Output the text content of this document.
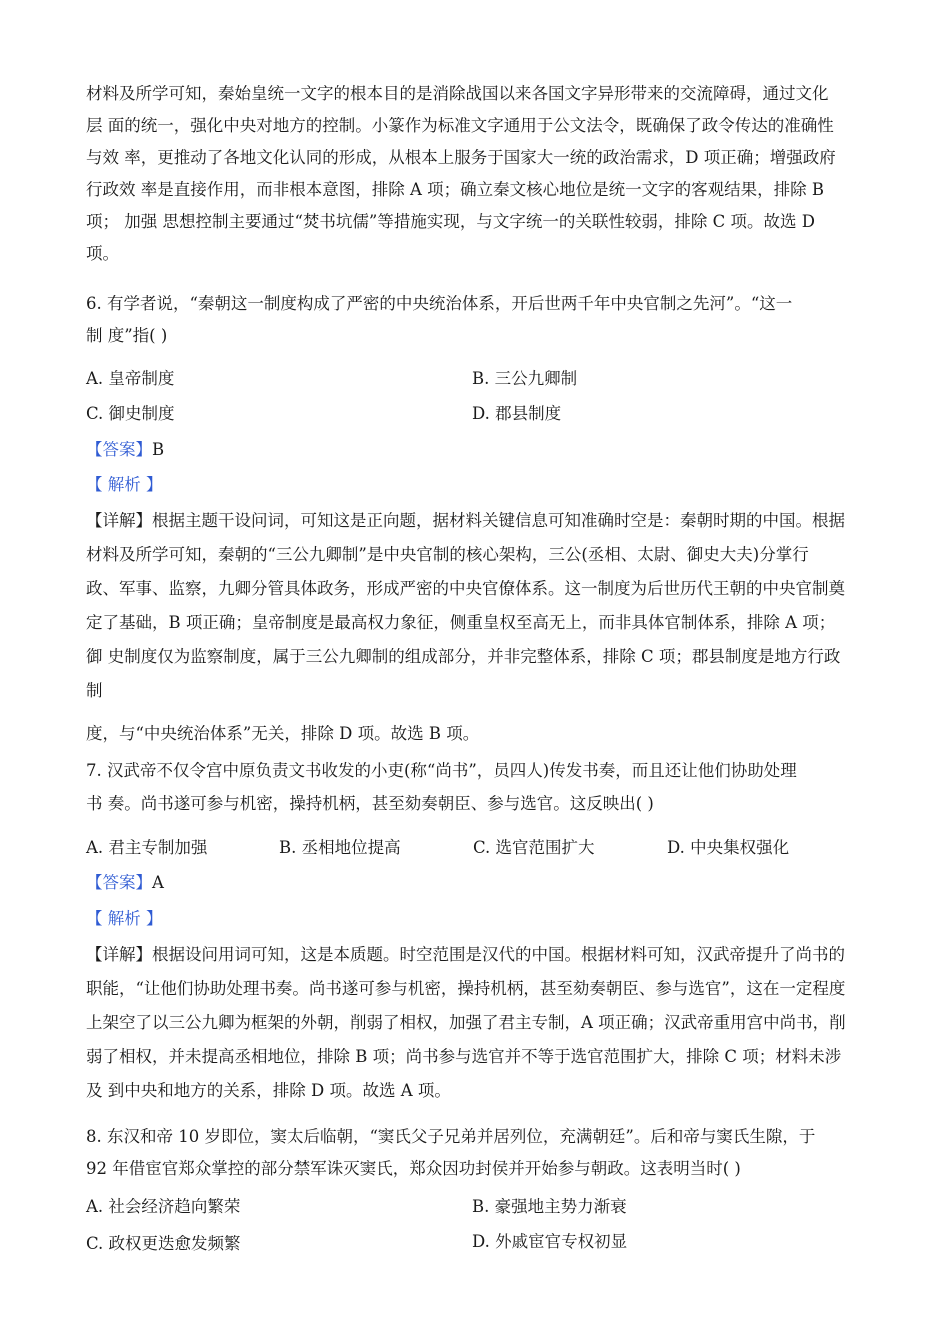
材料及所学可知，秦始皇统一文字的根本目的是消除战国以来各国文字异形带来的交流障碍，通过文化
层 面的统一，强化中央对地方的控制。小篆作为标准文字通用于公文法令，既确保了政令传达的准确性
与效 率，更推动了各地文化认同的形成，从根本上服务于国家大一统的政治需求，D 项正确；增强政府
行政效 率是直接作用，而非根本意图，排除 A 项；确立秦文核心地位是统一文字的客观结果，排除 B
项； 加强 思想控制主要通过“焚书坑儒”等措施实现，与文字统一的关联性较弱，排除 C 项。故选 D
项。
6. 有学者说，“秦朝这一制度构成了严密的中央统治体系，开后世两千年中央官制之先河”。“这一
制 度”指( )
A. 皇帝制度	B. 三公九卿制
C. 御史制度	D. 郡县制度
【答案】B
【 解析 】
【详解】根据主题干设问词，可知这是正向题，据材料关键信息可知准确时空是：秦朝时期的中国。根据
材料及所学可知，秦朝的“三公九卿制”是中央官制的核心架构，三公(丞相、太尉、御史大夫)分掌行
政、军事、监察，九卿分管具体政务，形成严密的中央官僚体系。这一制度为后世历代王朝的中央官制奠
定了基础，B 项正确；皇帝制度是最高权力象征，侧重皇权至高无上，而非具体官制体系，排除 A 项；
御 史制度仅为监察制度，属于三公九卿制的组成部分，并非完整体系，排除 C 项；郡县制度是地方行政
制
度，与“中央统治体系”无关，排除 D 项。故选 B 项。
7. 汉武帝不仅令宫中原负责文书收发的小吏(称“尚书”，员四人)传发书奏，而且还让他们协助处理
书 奏。尚书遂可参与机密，操持机柄，甚至劾奏朝臣、参与选官。这反映出( )
A. 君主专制加强	B. 丞相地位提高	C. 选官范围扩大	D. 中央集权强化
【答案】A
【 解析 】
【详解】根据设问用词可知，这是本质题。时空范围是汉代的中国。根据材料可知，汉武帝提升了尚书的
职能，“让他们协助处理书奏。尚书遂可参与机密，操持机柄，甚至劾奏朝臣、参与选官”，这在一定程度
上架空了以三公九卿为框架的外朝，削弱了相权，加强了君主专制，A 项正确；汉武帝重用宫中尚书，削
弱了相权，并未提高丞相地位，排除 B 项；尚书参与选官并不等于选官范围扩大，排除 C 项；材料未涉
及 到中央和地方的关系，排除 D 项。故选 A 项。
8. 东汉和帝 10 岁即位，窦太后临朝，“窦氏父子兄弟并居列位，充满朝廷”。后和帝与窦氏生隙，于
92 年借宦官郑众掌控的部分禁军诛灭窦氏，郑众因功封侯并开始参与朝政。这表明当时( )
A. 社会经济趋向繁荣	B. 豪强地主势力渐衰
C. 政权更迭愈发频繁	D. 外戚宦官专权初显
